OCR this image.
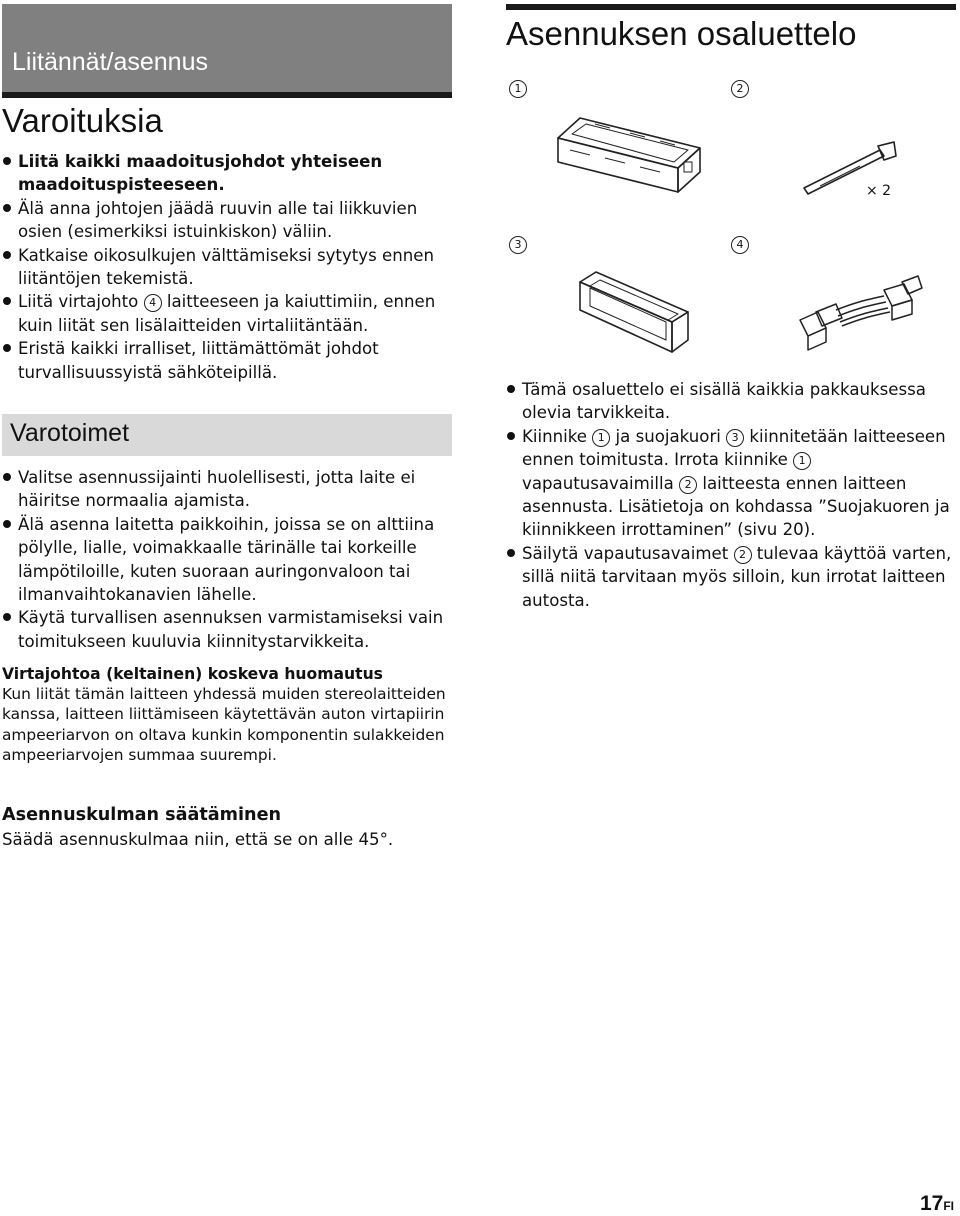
Liitännät/asennus
Varoituksia
Liitä kaikki maadoitusjohdot yhteiseen maadoituspisteeseen.
Älä anna johtojen jäädä ruuvin alle tai liikkuvien osien (esimerkiksi istuinkiskon) väliin.
Katkaise oikosulkujen välttämiseksi sytytys ennen liitäntöjen tekemistä.
Liitä virtajohto 4 laitteeseen ja kaiuttimiin, ennen kuin liität sen lisälaitteiden virtaliitäntään.
Eristä kaikki irralliset, liittämättömät johdot turvallisuussyistä sähköteipillä.
Varotoimet
Valitse asennussijainti huolellisesti, jotta laite ei häiritse normaalia ajamista.
Älä asenna laitetta paikkoihin, joissa se on alttiina pölylle, lialle, voimakkaalle tärinälle tai korkeille lämpötiloille, kuten suoraan auringonvaloon tai ilmanvaihtokanavien lähelle.
Käytä turvallisen asennuksen varmistamiseksi vain toimitukseen kuuluvia kiinnitystarvikkeita.
Virtajohtoa (keltainen) koskeva huomautus
Kun liität tämän laitteen yhdessä muiden stereolaitteiden kanssa, laitteen liittämiseen käytettävän auton virtapiirin ampeeriarvon on oltava kunkin komponentin sulakkeiden ampeeriarvojen summaa suurempi.
Asennuskulman säätäminen
Säädä asennuskulmaa niin, että se on alle 45°.
Asennuksen osaluettelo
1	2
3	4
× 2
Tämä osaluettelo ei sisällä kaikkia pakkauksessa olevia tarvikkeita.
Kiinnike 1 ja suojakuori 3 kiinnitetään laitteeseen ennen toimitusta. Irrota kiinnike 1 vapautusavaimilla 2 laitteesta ennen laitteen asennusta. Lisätietoja on kohdassa ”Suojakuoren ja kiinnikkeen irrottaminen” (sivu 20).
Säilytä vapautusavaimet 2 tulevaa käyttöä varten, sillä niitä tarvitaan myös silloin, kun irrotat laitteen autosta.
17FI
